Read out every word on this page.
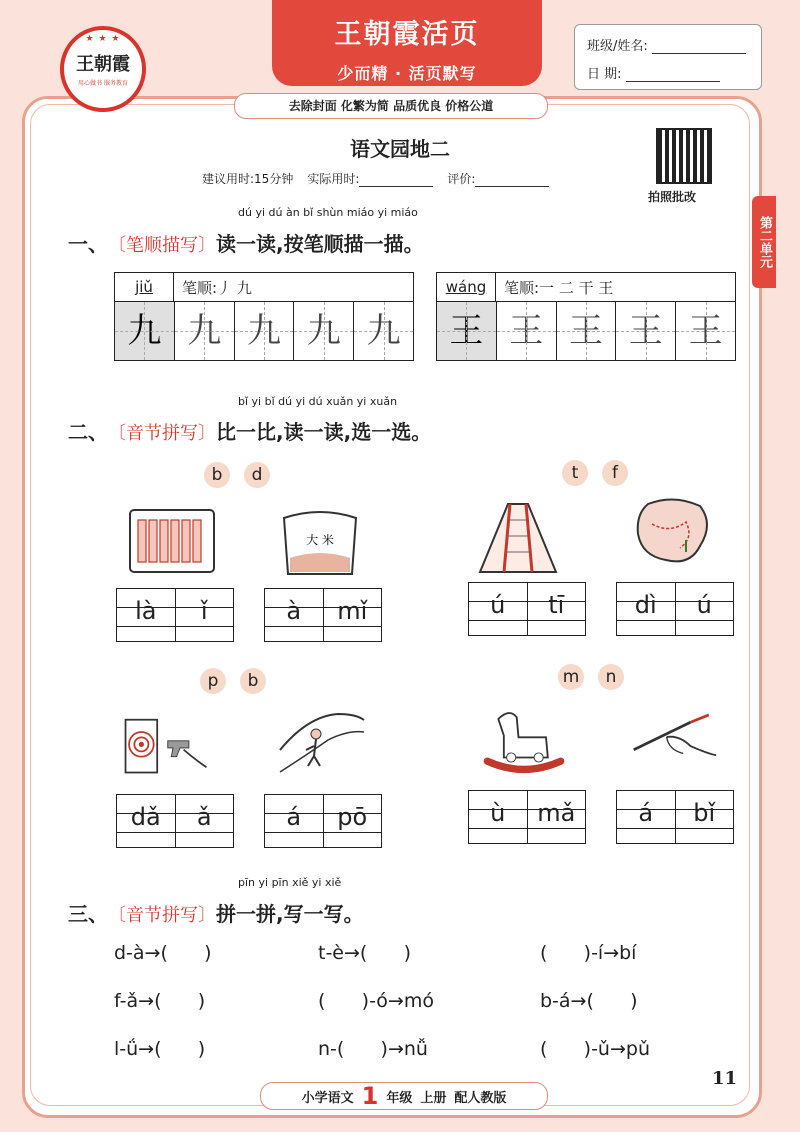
★ ★ ★
王朝霞
用心做书 服务教育
王朝霞活页
少而精 · 活页默写
去除封面 化繁为简 品质优良 价格公道
班级/姓名:
日 期:
语文园地二
建议用时:15分钟 实际用时:	评价:
拍照批改
第二单元
dú yi dú àn bǐ shùn miáo yi miáo
一、 〔笔顺描写〕 读一读,按笔顺描一描。
jiǔ	笔顺:丿 九
九 九 九 九 九
wáng	笔顺:一 二 干 王
王 王 王 王 王
bǐ yi bǐ dú yi dú xuǎn yi xuǎn
二、 〔音节拼写〕 比一比,读一读,选一选。
b	d
大 米
là	ǐ	à	mǐ
t	f
ú	tī	dì	ú
p	b
dǎ	ǎ	á	pō
m	n
ù	mǎ	á	bǐ
pīn yi pīn xiě yi xiě
三、 〔音节拼写〕 拼一拼,写一写。
d-à→(      )	t-è→(      )	(      )-í→bí
f-ǎ→(      )	(      )-ó→mó	b-á→(      )
l-ǘ→(      )	n-(      )→nǚ	(      )-ǔ→pǔ
11
小学语文 1 年级 上册 配人教版
